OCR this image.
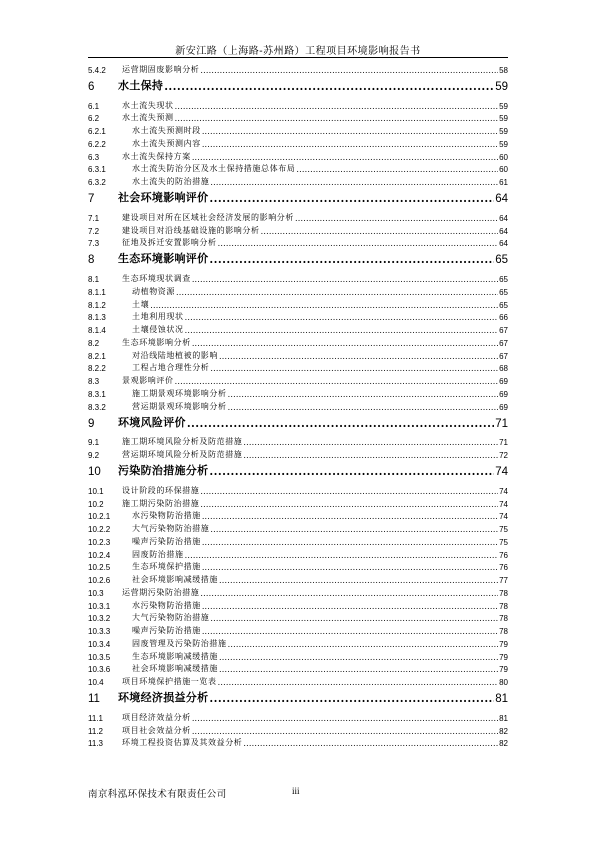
新安江路（上海路-苏州路）工程项目环境影响报告书
5.4.2	运营期固废影响分析 .....	58
6	水土保持 .....	59
6.1	水土流失现状 .....	59
6.2	水土流失预测 .....	59
6.2.1	水土流失预测时段 .....	59
6.2.2	水土流失预测内容 .....	59
6.3	水土流失保持方案 .....	60
6.3.1	水土流失防治分区及水土保持措施总体布局 .....	60
6.3.2	水土流失的防治措施 .....	61
7	社会环境影响评价 .....	64
7.1	建设项目对所在区域社会经济发展的影响分析 .....	64
7.2	建设项目对沿线基础设施的影响分析 .....	64
7.3	征地及拆迁安置影响分析 .....	64
8	生态环境影响评价 .....	65
8.1	生态环境现状调查 .....	65
8.1.1	动植物资源 .....	65
8.1.2	土壤 .....	65
8.1.3	土地利用现状 .....	66
8.1.4	土壤侵蚀状况 .....	67
8.2	生态环境影响分析 .....	67
8.2.1	对沿线陆地植被的影响 .....	67
8.2.2	工程占地合理性分析 .....	68
8.3	景观影响评价 .....	69
8.3.1	施工期景观环境影响分析 .....	69
8.3.2	营运期景观环境影响分析 .....	69
9	环境风险评价 .....	71
9.1	施工期环境风险分析及防范措施 .....	71
9.2	营运期环境风险分析及防范措施 .....	72
10	污染防治措施分析 .....	74
10.1	设计阶段的环保措施 .....	74
10.2	施工期污染防治措施 .....	74
10.2.1	水污染物防治措施 .....	74
10.2.2	大气污染物防治措施 .....	75
10.2.3	噪声污染防治措施 .....	75
10.2.4	固废防治措施 .....	76
10.2.5	生态环境保护措施 .....	76
10.2.6	社会环境影响减缓措施 .....	77
10.3	运营期污染防治措施 .....	78
10.3.1	水污染物防治措施 .....	78
10.3.2	大气污染物防治措施 .....	78
10.3.3	噪声污染防治措施 .....	78
10.3.4	固废管理及污染防治措施 .....	79
10.3.5	生态环境影响减缓措施 .....	79
10.3.6	社会环境影响减缓措施 .....	79
10.4	项目环境保护措施一览表 .....	80
11	环境经济损益分析 .....	81
11.1	项目经济效益分析 .....	81
11.2	项目社会效益分析 .....	82
11.3	环境工程投资估算及其效益分析 .....	82
南京科泓环保技术有限责任公司	iii
